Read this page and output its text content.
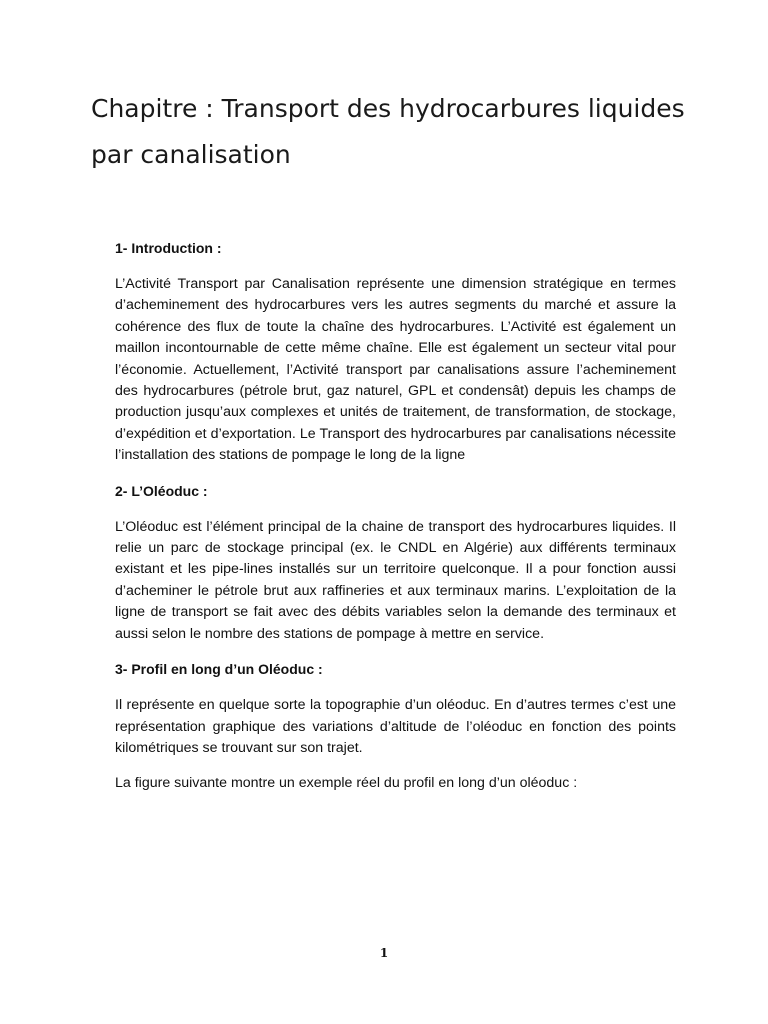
Chapitre : Transport des hydrocarbures liquides par canalisation
1- Introduction :

L’Activité Transport par Canalisation représente une dimension stratégique en termes d’acheminement des hydrocarbures vers les autres segments du marché et assure la cohérence des flux de toute la chaîne des hydrocarbures. L’Activité est également un maillon incontournable de cette même chaîne. Elle est également un secteur vital pour l’économie. Actuellement, l’Activité transport par canalisations assure l’acheminement des hydrocarbures (pétrole brut, gaz naturel, GPL et condensât) depuis les champs de production jusqu’aux complexes et unités de traitement, de transformation, de stockage, d’expédition et d’exportation. Le Transport des hydrocarbures par canalisations nécessite l’installation des stations de pompage le long de la ligne

2- L’Oléoduc :

L’Oléoduc est l’élément principal de la chaine de transport des hydrocarbures liquides. Il relie un parc de stockage principal (ex. le CNDL en Algérie) aux différents terminaux existant et les pipe-lines installés sur un territoire quelconque. Il a pour fonction aussi d’acheminer le pétrole brut aux raffineries et aux terminaux marins. L’exploitation de la ligne de transport se fait avec des débits variables selon la demande des terminaux et aussi selon le nombre des stations de pompage à mettre en service.

3- Profil en long d’un Oléoduc :

Il représente en quelque sorte la topographie d’un oléoduc. En d’autres termes c’est une représentation graphique des variations d’altitude de l’oléoduc en fonction des points kilométriques se trouvant sur son trajet.

La figure suivante montre un exemple réel du profil en long d’un oléoduc :

1
